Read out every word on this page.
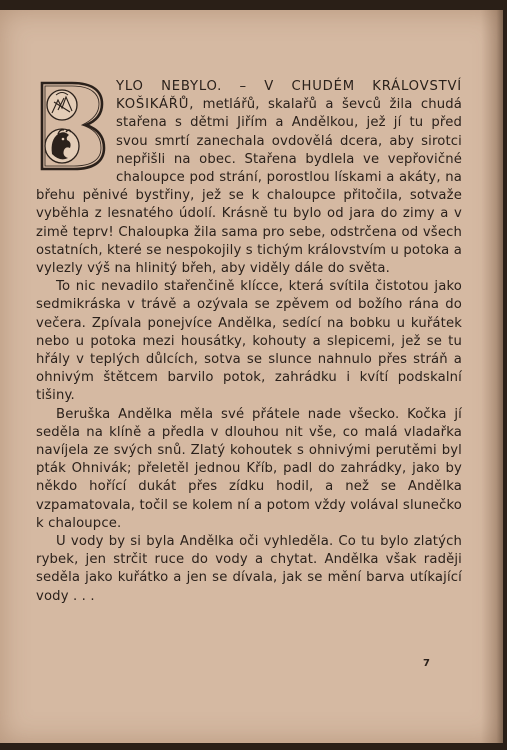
YLO NEBYLO. – V CHUDÉM KRÁLOVSTVÍ KOŠIKÁŘŮ, metlářů, skalařů a ševců žila chudá stařena s dětmi Jiřím a Andělkou, jež jí tu před svou smrtí zanechala ovdovělá dcera, aby sirotci nepřišli na obec. Stařena bydlela ve vepřovičné chaloupce pod strání, porostlou lískami a akáty, na břehu pěnivé bystřiny, jež se k chaloupce přitočila, sotvaže vyběhla z lesnatého údolí. Krásně tu bylo od jara do zimy a v zimě teprv! Chaloupka žila sama pro sebe, odstrčena od všech ostatních, které se nespokojily s tichým královstvím u potoka a vylezly výš na hlinitý břeh, aby viděly dále do světa.

To nic nevadilo stařenčině klícce, která svítila čistotou jako sedmikráska v trávě a ozývala se zpěvem od božího rána do večera. Zpívala ponejvíce Andělka, sedící na bobku u kuřátek nebo u potoka mezi housátky, kohouty a slepicemi, jež se tu hřály v teplých důlcích, sotva se slunce nahnulo přes stráň a ohnivým štětcem barvilo potok, zahrádku i kvítí podskalní tišiny.

Beruška Andělka měla své přátele nade všecko. Kočka jí seděla na klíně a předla v dlouhou nit vše, co malá vladařka navíjela ze svých snů. Zlatý kohoutek s ohnivými perutěmi byl pták Ohnivák; přeletěl jednou Kříb, padl do zahrádky, jako by někdo hořící dukát přes zídku hodil, a než se Andělka vzpamatovala, točil se kolem ní a potom vždy volával slunečko k chaloupce.

U vody by si byla Andělka oči vyhleděla. Co tu bylo zlatých rybek, jen strčit ruce do vody a chytat. Andělka však raději seděla jako kuřátko a jen se dívala, jak se mění barva utíkající vody . . .

7
